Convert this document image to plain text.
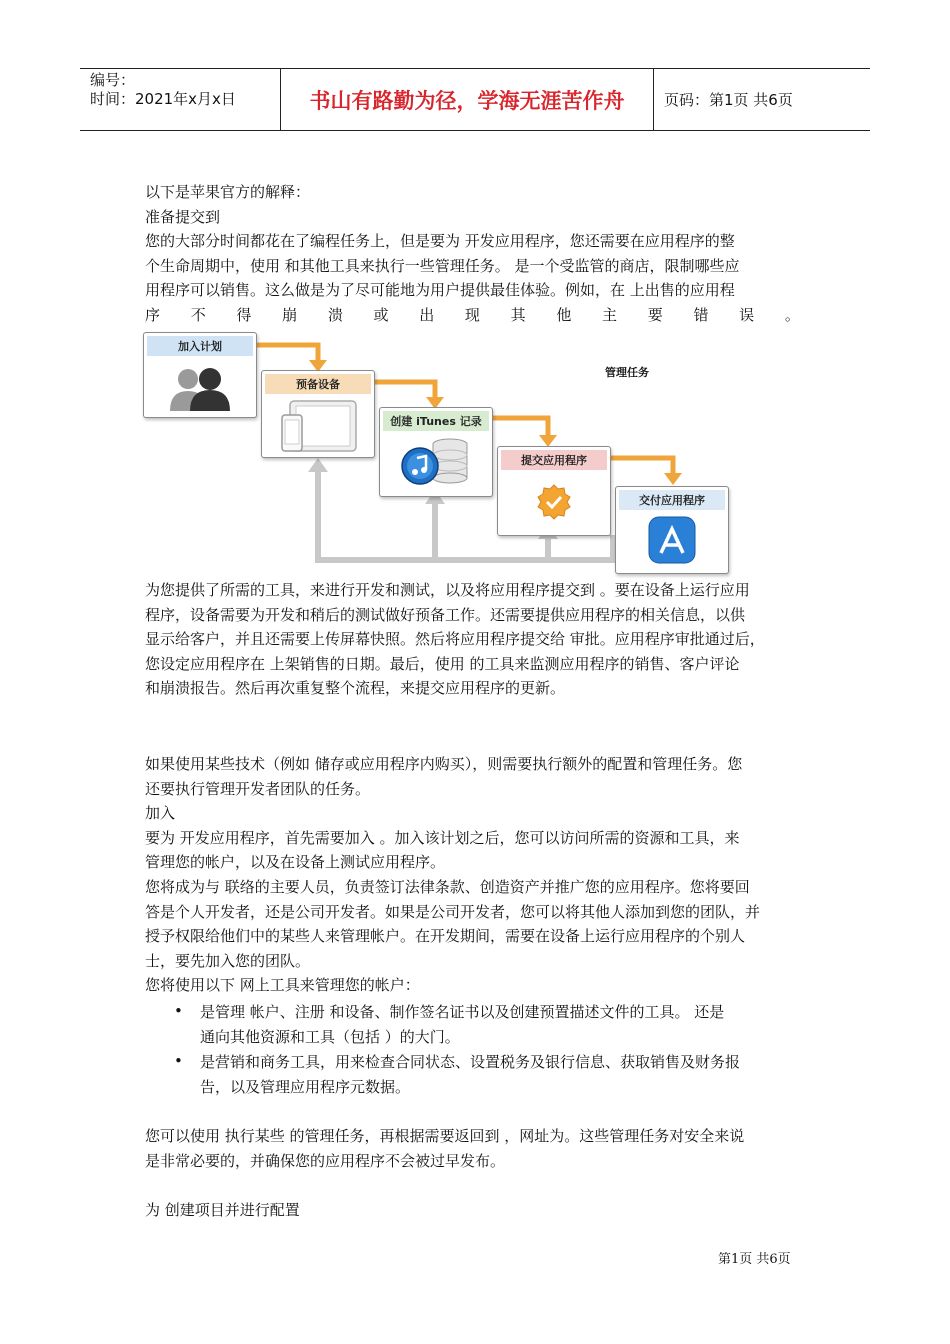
编号：
时间：2021年x月x日	书山有路勤为径，学海无涯苦作舟	页码：第1页 共6页

以下是苹果官方的解释：

准备提交到

您的大部分时间都花在了编程任务上，但是要为 开发应用程序，您还需要在应用程序的整

个生命周期中，使用 和其他工具来执行一些管理任务。 是一个受监管的商店，限制哪些应

用程序可以销售。这么做是为了尽可能地为用户提供最佳体验。例如，在 上出售的应用程

序 不 得 崩 溃 或 出 现 其 他 主 要 错 误 。

管理任务
加入计划
预备设备
创建 iTunes 记录
提交应用程序
交付应用程序

为您提供了所需的工具，来进行开发和测试，以及将应用程序提交到 。要在设备上运行应用

程序，设备需要为开发和稍后的测试做好预备工作。还需要提供应用程序的相关信息，以供

显示给客户，并且还需要上传屏幕快照。然后将应用程序提交给 审批。应用程序审批通过后，

您设定应用程序在 上架销售的日期。最后，使用 的工具来监测应用程序的销售、客户评论

和崩溃报告。然后再次重复整个流程，来提交应用程序的更新。

如果使用某些技术（例如 储存或应用程序内购买），则需要执行额外的配置和管理任务。您

还要执行管理开发者团队的任务。

加入

要为 开发应用程序，首先需要加入 。加入该计划之后，您可以访问所需的资源和工具，来

管理您的帐户，以及在设备上测试应用程序。

您将成为与 联络的主要人员，负责签订法律条款、创造资产并推广您的应用程序。您将要回

答是个人开发者，还是公司开发者。如果是公司开发者，您可以将其他人添加到您的团队，并

授予权限给他们中的某些人来管理帐户。在开发期间，需要在设备上运行应用程序的个别人

士，要先加入您的团队。

您将使用以下 网上工具来管理您的帐户：

• 是管理 帐户、注册 和设备、制作签名证书以及创建预置描述文件的工具。 还是
通向其他资源和工具（包括 ）的大门。
• 是营销和商务工具，用来检查合同状态、设置税务及银行信息、获取销售及财务报
告，以及管理应用程序元数据。

您可以使用 执行某些 的管理任务，再根据需要返回到 ，网址为。这些管理任务对安全来说

是非常必要的，并确保您的应用程序不会被过早发布。

为 创建项目并进行配置

第1页 共6页
